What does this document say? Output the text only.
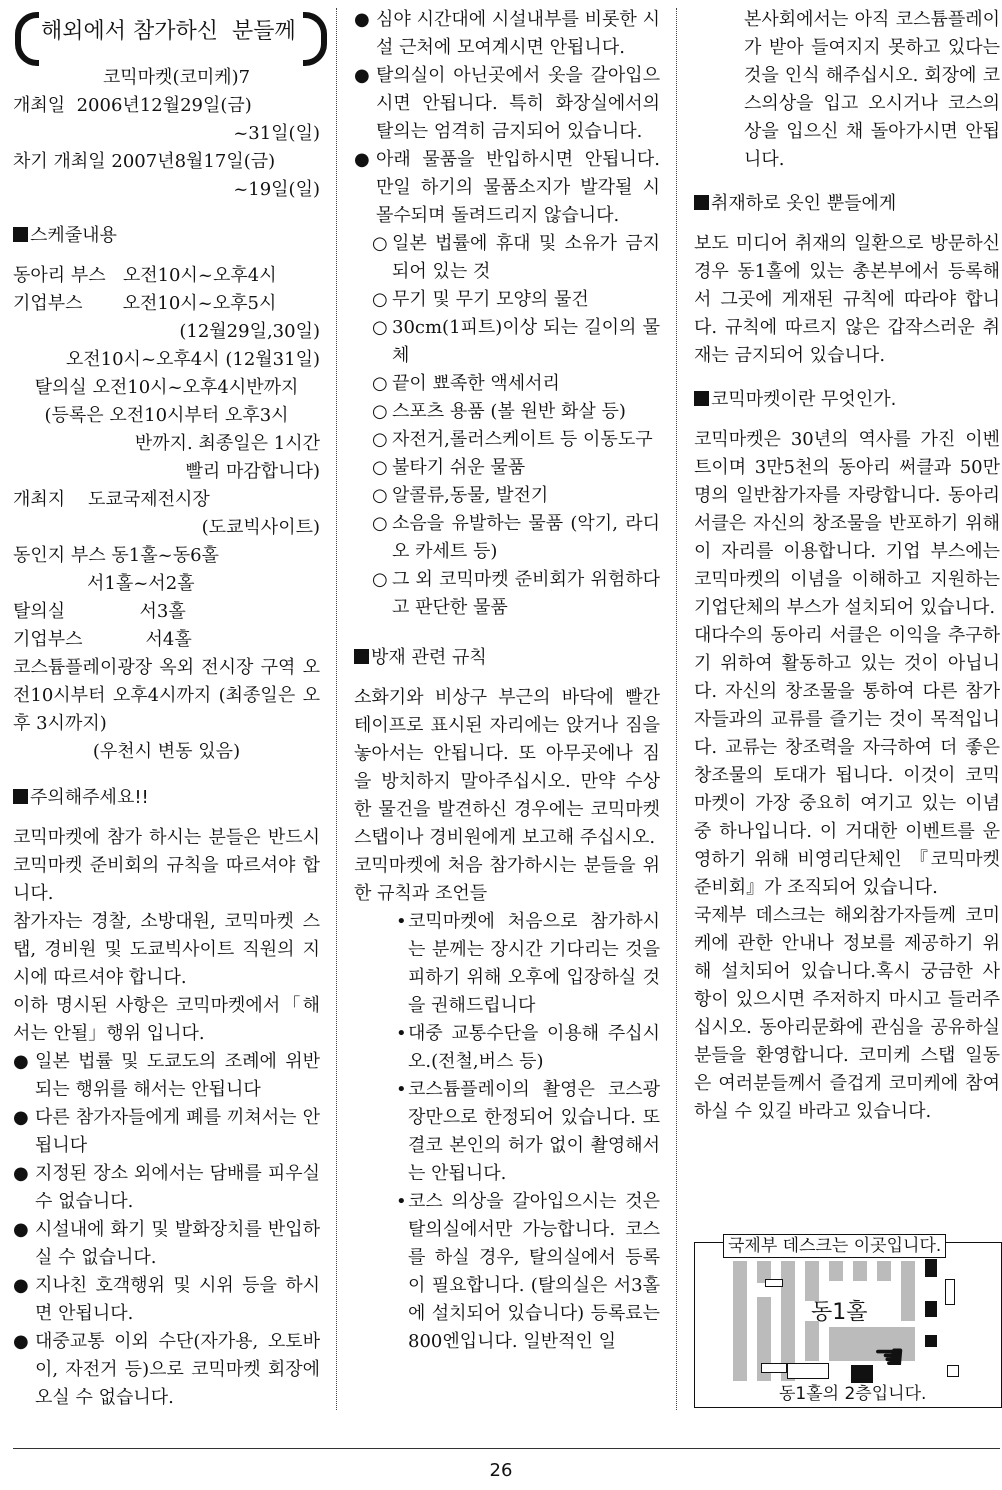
해외에서 참가하신  분들께

코믹마켓(코미케)7

개최일  2006년12월29일(금)

~31일(일)

차기 개최일 2007년8월17일(금)

~19일(일)

스케줄내용

동아리 부스   오전10시~오후4시

기업부스       오전10시~오후5시

(12월29일,30일)

오전10시~오후4시 (12월31일)

탈의실 오전10시~오후4시반까지

(등록은 오전10시부터 오후3시

반까지. 최종일은 1시간

빨리 마감합니다)

개최지    도쿄국제전시장

(도쿄빅사이트)

동인지 부스 동1홀~동6홀

서1홀~서2홀

탈의실             서3홀

기업부스           서4홀

코스튬플레이광장 옥외 전시장 구역 오전10시부터 오후4시까지 (최종일은 오후 3시까지)

(우천시 변동 있음)

주의해주세요!!

코믹마켓에 참가 하시는 분들은 반드시 코믹마켓 준비회의 규칙을 따르셔야 합니다.

참가자는 경찰, 소방대원, 코믹마켓 스탭, 경비원 및 도쿄빅사이트 직원의 지시에 따르셔야 합니다.

이하 명시된 사항은 코믹마켓에서「해서는 안될」행위 입니다.

● 일본 법률 및 도쿄도의 조례에 위반되는 행위를 해서는 안됩니다
● 다른 참가자들에게 폐를 끼쳐서는 안됩니다
● 지정된 장소 외에서는 담배를 피우실 수 없습니다.
● 시설내에 화기 및 발화장치를 반입하실 수 없습니다.
● 지나친 호객행위 및 시위 등을 하시면 안됩니다.
● 대중교통 이외 수단(자가용, 오토바이, 자전거 등)으로 코믹마켓 회장에 오실 수 없습니다.
● 심야 시간대에 시설내부를 비롯한 시설 근처에 모여계시면 안됩니다.
● 탈의실이 아닌곳에서 옷을 갈아입으시면 안됩니다. 특히 화장실에서의 탈의는 엄격히 금지되어 있습니다.
● 아래 물품을 반입하시면 안됩니다. 만일 하기의 물품소지가 발각될 시 몰수되며 돌려드리지 않습니다.
○ 일본 법률에 휴대 및 소유가 금지되어 있는 것
○ 무기 및 무기 모양의 물건
○ 30cm(1피트)이상 되는 길이의 물체
○ 끝이 뾰족한 액세서리
○ 스포츠 용품 (볼 원반 화살 등)
○ 자전거,롤러스케이트 등 이동도구
○ 불타기 쉬운 물품
○ 알콜류,동물, 발전기
○ 소음을 유발하는 물품 (악기, 라디오 카세트 등)
○ 그 외 코믹마켓 준비회가 위험하다고 판단한 물품
방재 관련 규칙

소화기와 비상구 부근의 바닥에 빨간 테이프로 표시된 자리에는 앉거나 짐을 놓아서는 안됩니다. 또 아무곳에나 짐을 방치하지 말아주십시오. 만약 수상한 물건을 발견하신 경우에는 코믹마켓 스탭이나 경비원에게 보고해 주십시오.

코믹마켓에 처음 참가하시는 분들을 위한 규칙과 조언들

•코믹마켓에 처음으로 참가하시는 분께는 장시간 기다리는 것을 피하기 위해 오후에 입장하실 것을 권해드립니다
•대중 교통수단을 이용해 주십시오.(전철,버스 등)
•코스튬플레이의 촬영은 코스광장만으로 한정되어 있습니다. 또 결코 본인의 허가 없이 촬영해서는 안됩니다.
•코스 의상을 갈아입으시는 것은 탈의실에서만 가능합니다. 코스를 하실 경우, 탈의실에서 등록이 필요합니다. (탈의실은 서3홀에 설치되어 있습니다) 등록료는 800엔입니다. 일반적인 일

본사회에서는 아직 코스튬플레이가 받아 들여지지 못하고 있다는 것을 인식 해주십시오. 회장에 코스의상을 입고 오시거나 코스의상을 입으신 채 돌아가시면 안됩니다.

취재하로 옷인 뿐들에게

보도 미디어 취재의 일환으로 방문하신 경우 동1홀에 있는 총본부에서 등록해서 그곳에 게재된 규칙에 따라야 합니다. 규칙에 따르지 않은 갑작스러운 취재는 금지되어 있습니다.

코믹마켓이란 무엇인가.

코믹마켓은 30년의 역사를 가진 이벤트이며 3만5천의 동아리 써클과 50만명의 일반참가자를 자랑합니다. 동아리 서클은 자신의 창조물을 반포하기 위해 이 자리를 이용합니다. 기업 부스에는 코믹마켓의 이념을 이해하고 지원하는 기업단체의 부스가 설치되어 있습니다.

대다수의 동아리 서클은 이익을 추구하기 위하여 활동하고 있는 것이 아닙니다. 자신의 창조물을 통하여 다른 참가자들과의 교류를 즐기는 것이 목적입니다. 교류는 창조력을 자극하여 더 좋은 창조물의 토대가 됩니다. 이것이 코믹마켓이 가장 중요히 여기고 있는 이념 중 하나입니다. 이 거대한 이벤트를 운영하기 위해 비영리단체인 『코믹마켓 준비회』가 조직되어 있습니다.

국제부 데스크는 해외참가자들께 코미케에 관한 안내나 정보를 제공하기 위해 설치되어 있습니다.혹시 궁금한 사항이 있으시면 주저하지 마시고 들러주십시오. 동아리문화에 관심을 공유하실 분들을 환영합니다. 코미케 스탭 일동은 여러분들께서 즐겁게 코미케에 참여하실 수 있길 바라고 있습니다.

국제부 데스크는 이곳입니다.
동1홀
☚
동1홀의 2층입니다.
26
